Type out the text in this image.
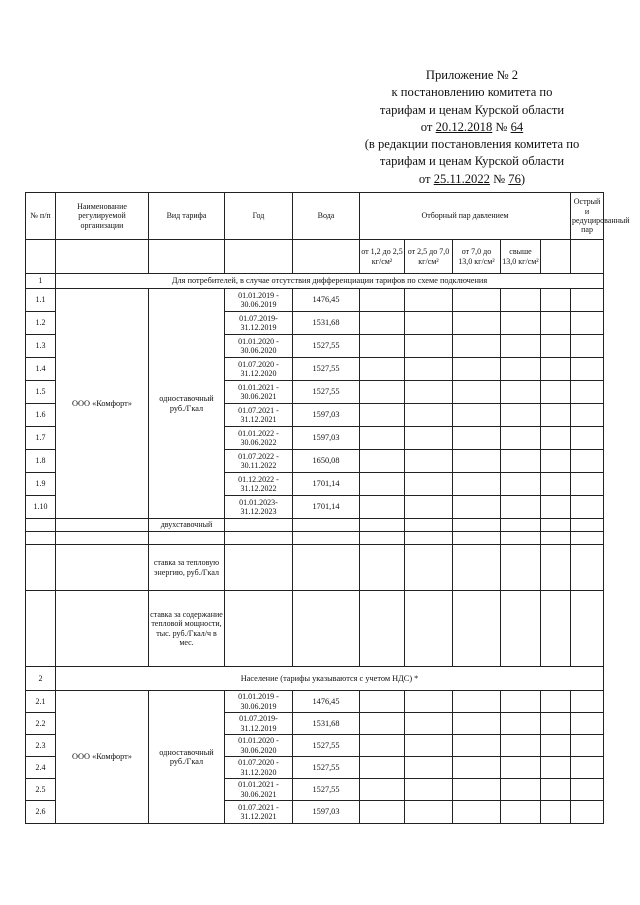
Приложение № 2
к постановлению комитета по
тарифам и ценам Курской области
от 20.12.2018 № 64
(в редакции постановления комитета по
тарифам и ценам Курской области
от 25.11.2022 № 76)
№ п/п	Наименование регулируемой организации	Вид тарифа	Год	Вода	Отборный пар давлением					Острый и редуцированный пар
					от 1,2 до 2,5 кг/см²	от 2,5 до 7,0 кг/см²	от 7,0 до 13,0 кг/см²	свыше 13,0 кг/см²		
1	Для потребителей, в случае отсутствия дифференциации тарифов по схеме подключения									
1.1	ООО «Комфорт»	одноставочный руб./Гкал	01.01.2019 - 30.06.2019	1476,45						
1.2			01.07.2019- 31.12.2019	1531,68						
1.3			01.01.2020 - 30.06.2020	1527,55						
1.4			01.07.2020 - 31.12.2020	1527,55						
1.5			01.01.2021 - 30.06.2021	1527,55						
1.6			01.07.2021 - 31.12.2021	1597,03						
1.7			01.01.2022 - 30.06.2022	1597,03						
1.8			01.07.2022 - 30.11.2022	1650,08						
1.9			01.12.2022 - 31.12.2022	1701,14						
1.10			01.01.2023- 31.12.2023	1701,14						
		двухставочный								

		ставка за тепловую энергию, руб./Гкал								
		ставка за содержание тепловой мощности, тыс. руб./Гкал/ч в мес.								
2	Население (тарифы указываются с учетом НДС) *									
2.1	ООО «Комфорт»	одноставочный руб./Гкал	01.01.2019 - 30.06.2019	1476,45						
2.2			01.07.2019- 31.12.2019	1531,68						
2.3			01.01.2020 - 30.06.2020	1527,55						
2.4			01.07.2020 - 31.12.2020	1527,55						
2.5			01.01.2021 - 30.06.2021	1527,55						
2.6			01.07.2021 - 31.12.2021	1597,03						
